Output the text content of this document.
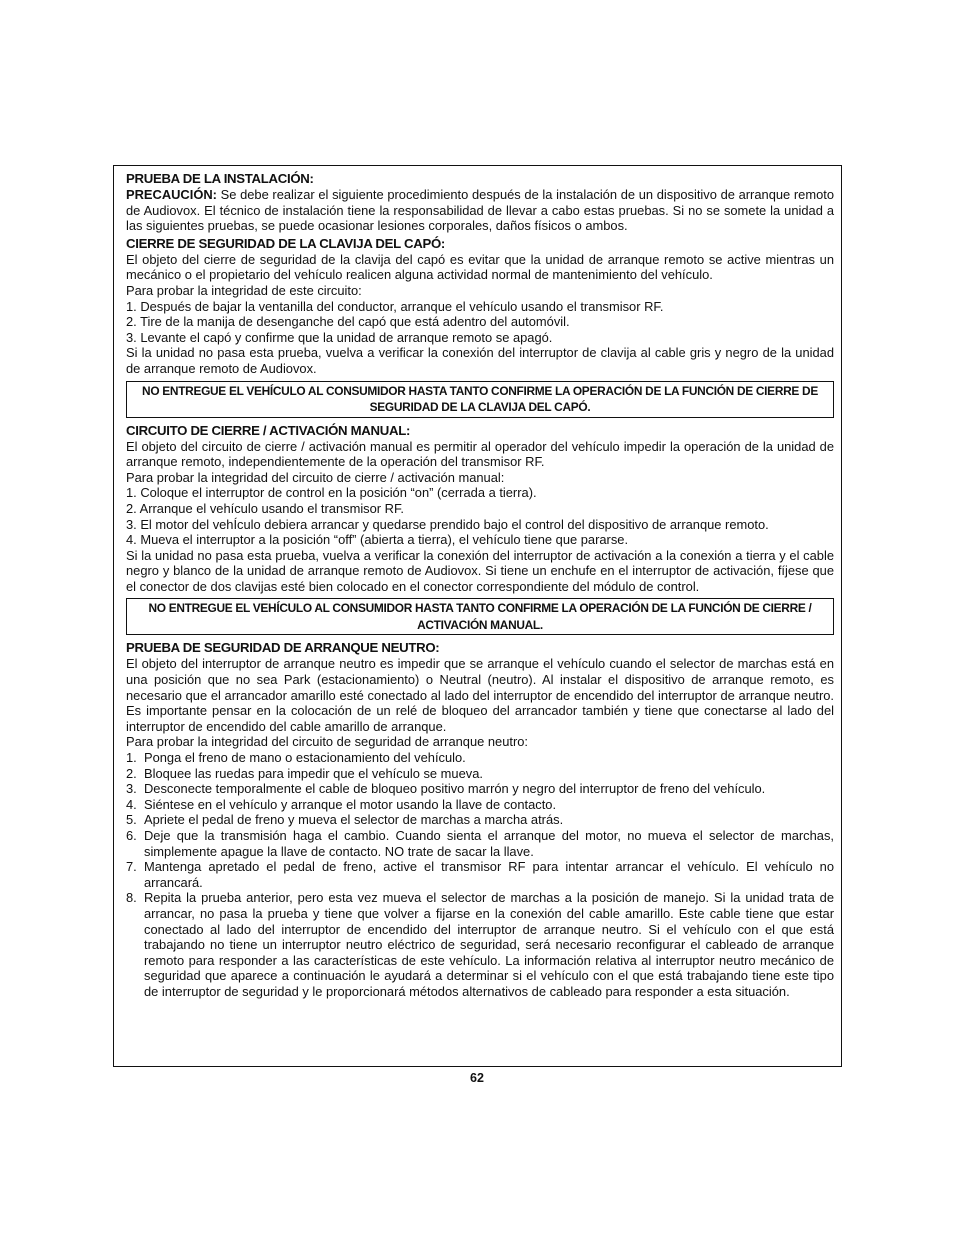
PRUEBA DE LA INSTALACIÓN:

PRECAUCIÓN: Se debe realizar el siguiente procedimiento después de la instalación de un dispositivo de arranque remoto de Audiovox. El técnico de instalación tiene la responsabilidad de llevar a cabo estas pruebas. Si no se somete la unidad a las siguientes pruebas, se puede ocasionar lesiones corporales, daños físicos o ambos.

CIERRE DE SEGURIDAD DE LA CLAVIJA DEL CAPÓ:

El objeto del cierre de seguridad de la clavija del capó es evitar que la unidad de arranque remoto se active mientras un mecánico o el propietario del vehículo realicen alguna actividad normal de mantenimiento del vehículo.

Para probar la integridad de este circuito:

1. Después de bajar la ventanilla del conductor, arranque el vehículo usando el transmisor RF.
2. Tire de la manija de desenganche del capó que está adentro del automóvil.
3. Levante el capó y confirme que la unidad de arranque remoto se apagó.

Si la unidad no pasa esta prueba, vuelva a verificar la conexión del interruptor de clavija al cable gris y negro de la unidad de arranque remoto de Audiovox.

NO ENTREGUE EL VEHÍCULO AL CONSUMIDOR HASTA TANTO CONFIRME LA OPERACIÓN DE LA FUNCIÓN DE CIERRE DE SEGURIDAD DE LA CLAVIJA DEL CAPÓ.
CIRCUITO DE CIERRE / ACTIVACIÓN MANUAL:

El objeto del circuito de cierre / activación manual es permitir al operador del vehículo impedir la operación de la unidad de arranque remoto, independientemente de la operación del transmisor RF.

Para probar la integridad del circuito de cierre / activación manual:

1. Coloque el interruptor de control en la posición “on” (cerrada a tierra).
2. Arranque el vehículo usando el transmisor RF.
3. El motor del vehÍculo debiera arrancar y quedarse prendido bajo el control del dispositivo de arranque remoto.
4. Mueva el interruptor a la posición “off” (abierta a tierra), el vehículo tiene que pararse.

Si la unidad no pasa esta prueba, vuelva a verificar la conexión del interruptor de activación a la conexión a tierra y el cable negro y blanco de la unidad de arranque remoto de Audiovox. Si tiene un enchufe en el interruptor de activación, fíjese que el conector de dos clavijas esté bien colocado en el conector correspondiente del módulo de control.

NO ENTREGUE EL VEHÍCULO AL CONSUMIDOR HASTA TANTO CONFIRME LA OPERACIÓN DE LA FUNCIÓN DE CIERRE / ACTIVACIÓN MANUAL.
PRUEBA DE SEGURIDAD DE ARRANQUE NEUTRO:

El objeto del interruptor de arranque neutro es impedir que se arranque el vehículo cuando el selector de marchas está en una posición que no sea Park (estacionamiento) o Neutral (neutro). Al instalar el dispositivo de arranque remoto, es necesario que el arrancador amarillo esté conectado al lado del interruptor de encendido del interruptor de arranque neutro. Es importante pensar en la colocación de un relé de bloqueo del arrancador también y tiene que conectarse al lado del interruptor de encendido del cable amarillo de arranque.

Para probar la integridad del circuito de seguridad de arranque neutro:

1. Ponga el freno de mano o estacionamiento del vehículo.
2. Bloquee las ruedas para impedir que el vehículo se mueva.
3. Desconecte temporalmente el cable de bloqueo positivo marrón y negro del interruptor de freno del vehículo.
4. Siéntese en el vehículo y arranque el motor usando la llave de contacto.
5. Apriete el pedal de freno y mueva el selector de marchas a marcha atrás.
6. Deje que la transmisión haga el cambio. Cuando sienta el arranque del motor, no mueva el selector de marchas, simplemente apague la llave de contacto. NO trate de sacar la llave.
7. Mantenga apretado el pedal de freno, active el transmisor RF para intentar arrancar el vehículo. El vehículo no arrancará.
8. Repita la prueba anterior, pero esta vez mueva el selector de marchas a la posición de manejo. Si la unidad trata de arrancar, no pasa la prueba y tiene que volver a fijarse en la conexión del cable amarillo. Este cable tiene que estar conectado al lado del interruptor de encendido del interruptor de arranque neutro. Si el vehículo con el que está trabajando no tiene un interruptor neutro eléctrico de seguridad, será necesario reconfigurar el cableado de arranque remoto para responder a las características de este vehículo. La información relativa al interruptor neutro mecánico de seguridad que aparece a continuación le ayudará a determinar si el vehículo con el que está trabajando tiene este tipo de interruptor de seguridad y le proporcionará métodos alternativos de cableado para responder a esta situación.
62
